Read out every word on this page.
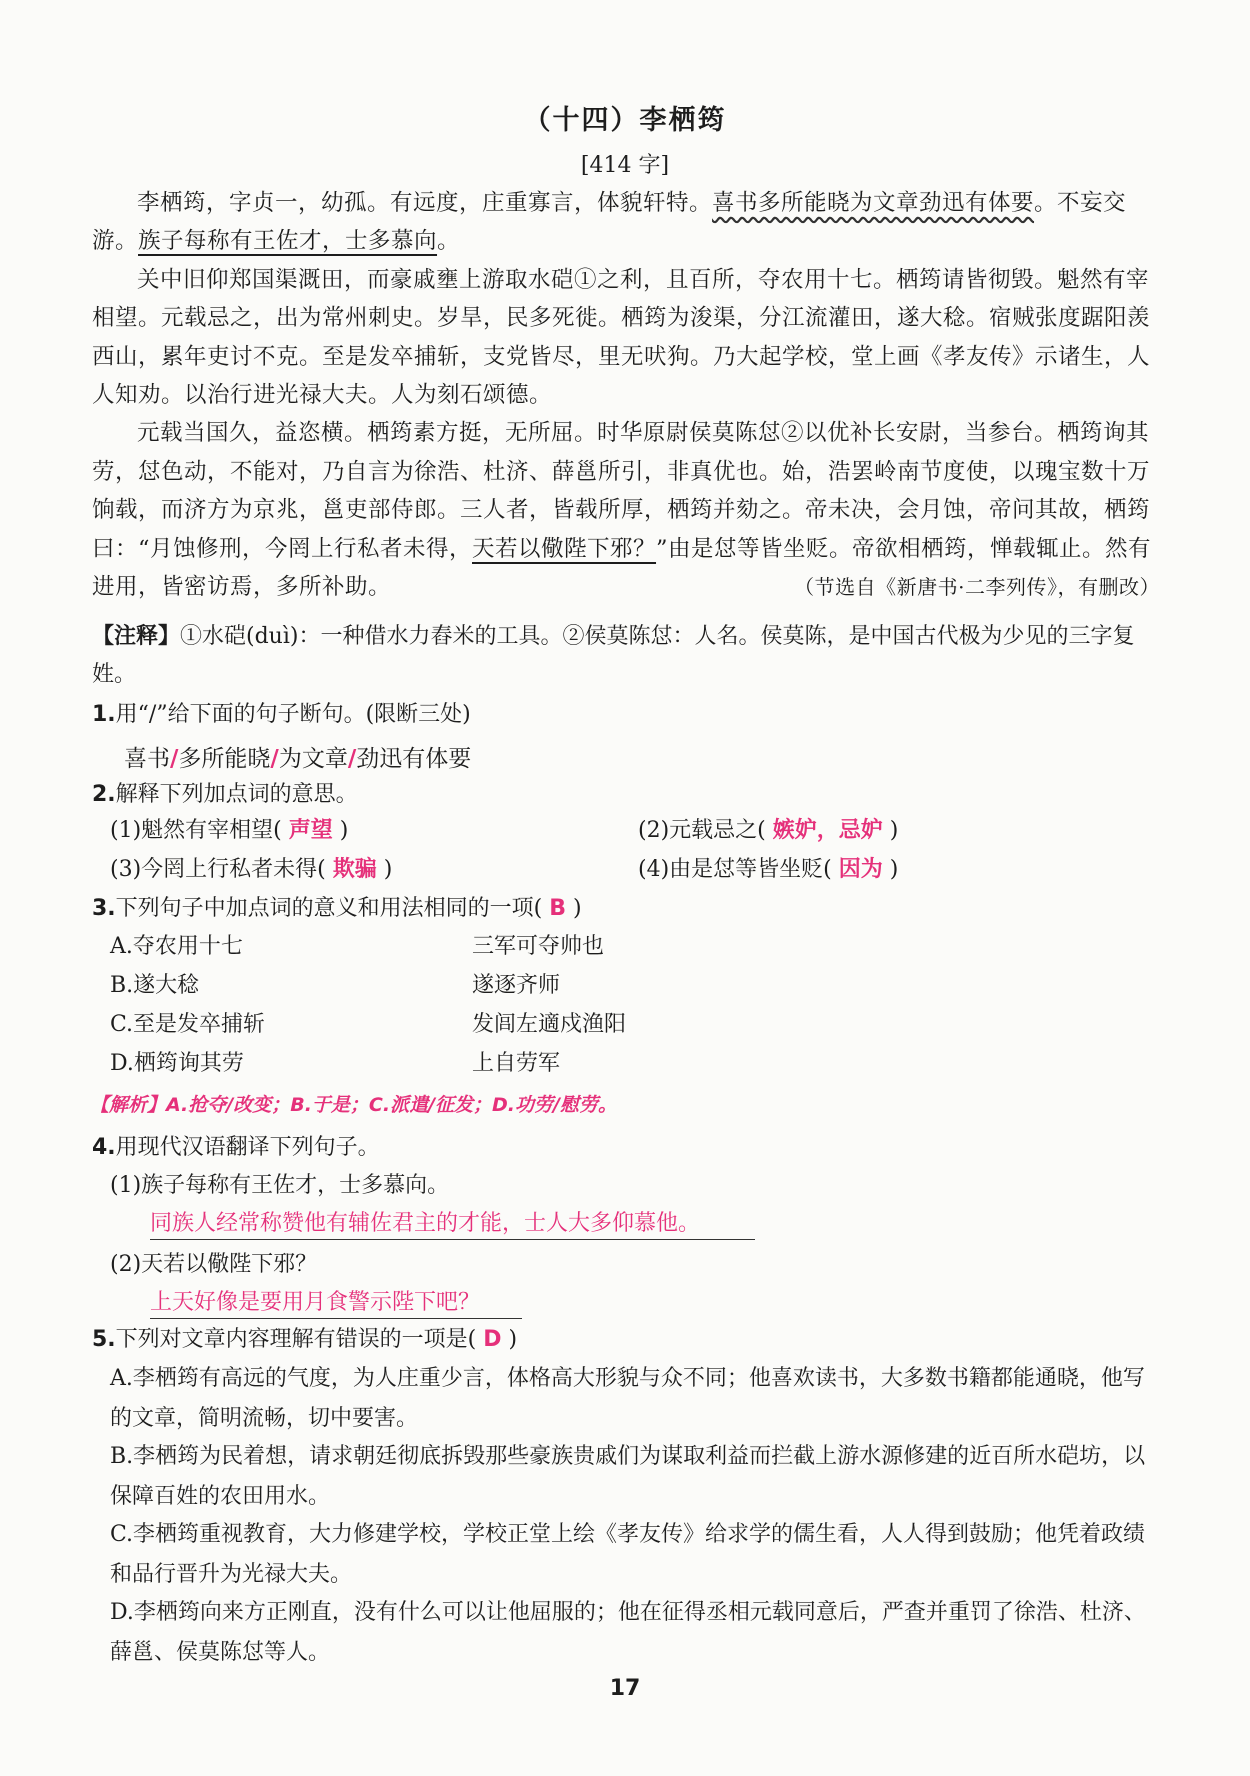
（十四）李栖筠
[414 字]

李栖筠，字贞一，幼孤。有远度，庄重寡言，体貌轩特。喜书多所能晓为文章劲迅有体要。不妄交游。族子每称有王佐才，士多慕向。

关中旧仰郑国渠溉田，而豪戚壅上游取水硙①之利，且百所，夺农用十七。栖筠请皆彻毁。魁然有宰相望。元载忌之，出为常州刺史。岁旱，民多死徙。栖筠为浚渠，分江流灌田，遂大稔。宿贼张度踞阳羡西山，累年吏讨不克。至是发卒捕斩，支党皆尽，里无吠狗。乃大起学校，堂上画《孝友传》示诸生，人人知劝。以治行进光禄大夫。人为刻石颂德。

元载当国久，益恣横。栖筠素方挺，无所屈。时华原尉侯莫陈怤②以优补长安尉，当参台。栖筠询其劳，怤色动，不能对，乃自言为徐浩、杜济、薛邕所引，非真优也。始，浩罢岭南节度使，以瑰宝数十万饷载，而济方为京兆，邕吏部侍郎。三人者，皆载所厚，栖筠并劾之。帝未决，会月蚀，帝问其故，栖筠曰：“月蚀修刑，今罔上行私者未得，天若以儆陛下邪？”由是怤等皆坐贬。帝欲相栖筠，惮载辄止。然有进用，皆密访焉，多所补助。	（节选自《新唐书·二李列传》，有删改）

【注释】①水硙(duì)：一种借水力舂米的工具。②侯莫陈怤：人名。侯莫陈，是中国古代极为少见的三字复姓。
1.用“/”给下面的句子断句。(限断三处)
喜书/多所能晓/为文章/劲迅有体要
2.解释下列加点词的意思。
(1)魁然有宰相望( 声望 )	(2)元载忌之( 嫉妒，忌妒 )
(3)今罔上行私者未得( 欺骗 )	(4)由是怤等皆坐贬( 因为 )
3.下列句子中加点词的意义和用法相同的一项( B )
A.夺农用十七	三军可夺帅也
B.遂大稔	遂逐齐师
C.至是发卒捕斩	发闾左適戍渔阳
D.栖筠询其劳	上自劳军
【解析】A.抢夺/改变；B.于是；C.派遣/征发；D.功劳/慰劳。
4.用现代汉语翻译下列句子。
(1)族子每称有王佐才，士多慕向。
同族人经常称赞他有辅佐君主的才能，士人大多仰慕他。
(2)天若以儆陛下邪？
上天好像是要用月食警示陛下吧？
5.下列对文章内容理解有错误的一项是( D )
A.李栖筠有高远的气度，为人庄重少言，体格高大形貌与众不同；他喜欢读书，大多数书籍都能通晓，他写的文章，简明流畅，切中要害。
B.李栖筠为民着想，请求朝廷彻底拆毁那些豪族贵戚们为谋取利益而拦截上游水源修建的近百所水硙坊，以保障百姓的农田用水。
C.李栖筠重视教育，大力修建学校，学校正堂上绘《孝友传》给求学的儒生看，人人得到鼓励；他凭着政绩和品行晋升为光禄大夫。
D.李栖筠向来方正刚直，没有什么可以让他屈服的；他在征得丞相元载同意后，严查并重罚了徐浩、杜济、薛邕、侯莫陈怤等人。
17
